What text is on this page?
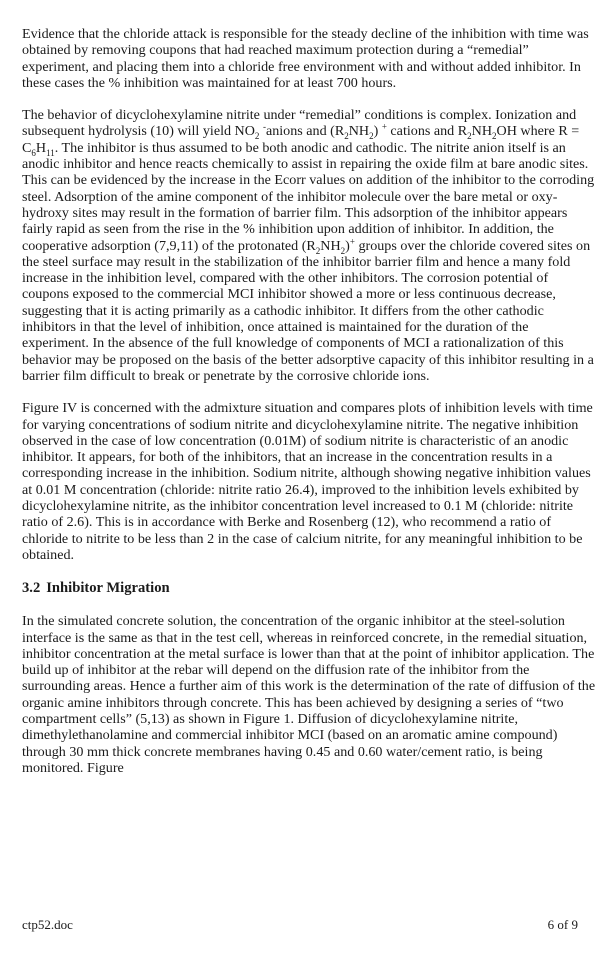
Evidence that the chloride attack is responsible for the steady decline of the inhibition with time was obtained by removing coupons that had reached maximum protection during a “remedial” experiment, and placing them into a chloride free environment with and without added inhibitor. In these cases the % inhibition was maintained for at least 700 hours.

The behavior of dicyclohexylamine nitrite under “remedial” conditions is complex. Ionization and subsequent hydrolysis (10) will yield $NO_2$ -anions and $(R_2NH_2)$ + cations and $R_2NH_2OH$ where $R = C_6H_{11}$. The inhibitor is thus assumed to be both anodic and cathodic. The nitrite anion itself is an anodic inhibitor and hence reacts chemically to assist in repairing the oxide film at bare anodic sites. This can be evidenced by the increase in the Ecorr values on addition of the inhibitor to the corroding steel. Adsorption of the amine component of the inhibitor molecule over the bare metal or oxy-hydroxy sites may result in the formation of barrier film. This adsorption of the inhibitor appears fairly rapid as seen from the rise in the % inhibition upon addition of inhibitor. In addition, the cooperative adsorption (7,9,11) of the protonated $(R_2NH_2)^+$ groups over the chloride covered sites on the steel surface may result in the stabilization of the inhibitor barrier film and hence a many fold increase in the inhibition level, compared with the other inhibitors. The corrosion potential of coupons exposed to the commercial MCI inhibitor showed a more or less continuous decrease, suggesting that it is acting primarily as a cathodic inhibitor. It differs from the other cathodic inhibitors in that the level of inhibition, once attained is maintained for the duration of the experiment. In the absence of the full knowledge of components of MCI a rationalization of this behavior may be proposed on the basis of the better adsorptive capacity of this inhibitor resulting in a barrier film difficult to break or penetrate by the corrosive chloride ions.

Figure IV is concerned with the admixture situation and compares plots of inhibition levels with time for varying concentrations of sodium nitrite and dicyclohexylamine nitrite. The negative inhibition observed in the case of low concentration (0.01M) of sodium nitrite is characteristic of an anodic inhibitor. It appears, for both of the inhibitors, that an increase in the concentration results in a corresponding increase in the inhibition. Sodium nitrite, although showing negative inhibition values at 0.01 M concentration (chloride: nitrite ratio 26.4), improved to the inhibition levels exhibited by dicyclohexylamine nitrite, as the inhibitor concentration level increased to 0.1 M (chloride: nitrite ratio of 2.6). This is in accordance with Berke and Rosenberg (12), who recommend a ratio of chloride to nitrite to be less than 2 in the case of calcium nitrite, for any meaningful inhibition to be obtained.

3.2 Inhibitor Migration

In the simulated concrete solution, the concentration of the organic inhibitor at the steel-solution interface is the same as that in the test cell, whereas in reinforced concrete, in the remedial situation, inhibitor concentration at the metal surface is lower than that at the point of inhibitor application. The build up of inhibitor at the rebar will depend on the diffusion rate of the inhibitor from the surrounding areas. Hence a further aim of this work is the determination of the rate of diffusion of the organic amine inhibitors through concrete. This has been achieved by designing a series of “two compartment cells” (5,13) as shown in Figure 1. Diffusion of dicyclohexylamine nitrite, dimethylethanolamine and commercial inhibitor MCI (based on an aromatic amine compound) through 30 mm thick concrete membranes having 0.45 and 0.60 water/cement ratio, is being monitored. Figure

ctp52.doc	6 of 9
